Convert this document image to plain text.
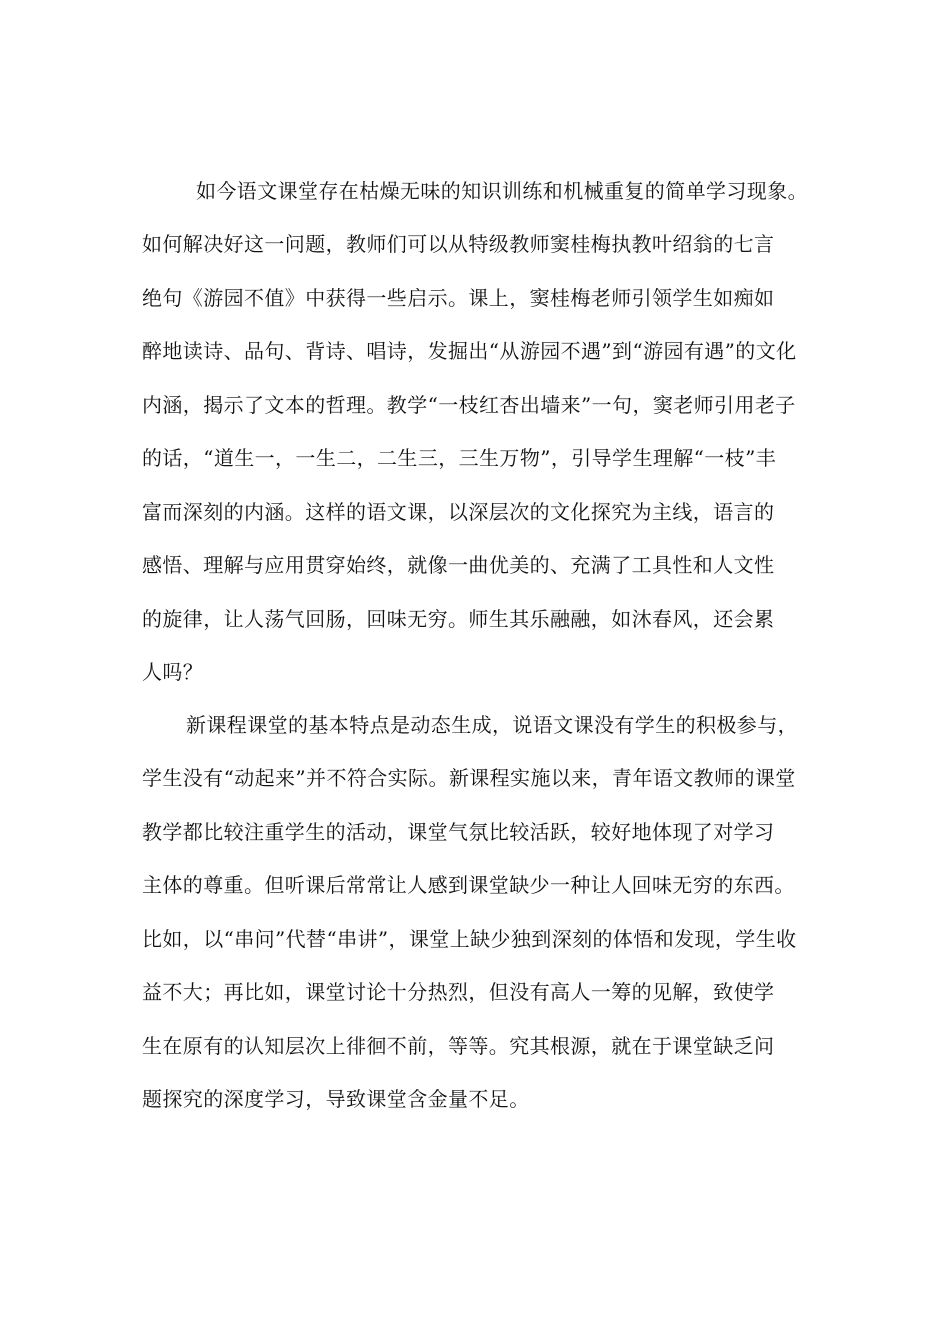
如今语文课堂存在枯燥无味的知识训练和机械重复的简单学习现象。
如何解决好这一问题，教师们可以从特级教师窦桂梅执教叶绍翁的七言
绝句《游园不值》中获得一些启示。课上，窦桂梅老师引领学生如痴如
醉地读诗、品句、背诗、唱诗，发掘出“从游园不遇”到“游园有遇”的文化
内涵，揭示了文本的哲理。教学“一枝红杏出墙来”一句，窦老师引用老子
的话，“道生一，一生二，二生三，三生万物”，引导学生理解“一枝”丰
富而深刻的内涵。这样的语文课，以深层次的文化探究为主线，语言的
感悟、理解与应用贯穿始终，就像一曲优美的、充满了工具性和人文性
的旋律，让人荡气回肠，回味无穷。师生其乐融融，如沐春风，还会累
人吗？
新课程课堂的基本特点是动态生成，说语文课没有学生的积极参与，
学生没有“动起来”并不符合实际。新课程实施以来，青年语文教师的课堂
教学都比较注重学生的活动，课堂气氛比较活跃，较好地体现了对学习
主体的尊重。但听课后常常让人感到课堂缺少一种让人回味无穷的东西。
比如，以“串问”代替“串讲”，课堂上缺少独到深刻的体悟和发现，学生收
益不大；再比如，课堂讨论十分热烈，但没有高人一筹的见解，致使学
生在原有的认知层次上徘徊不前，等等。究其根源，就在于课堂缺乏问
题探究的深度学习，导致课堂含金量不足。
